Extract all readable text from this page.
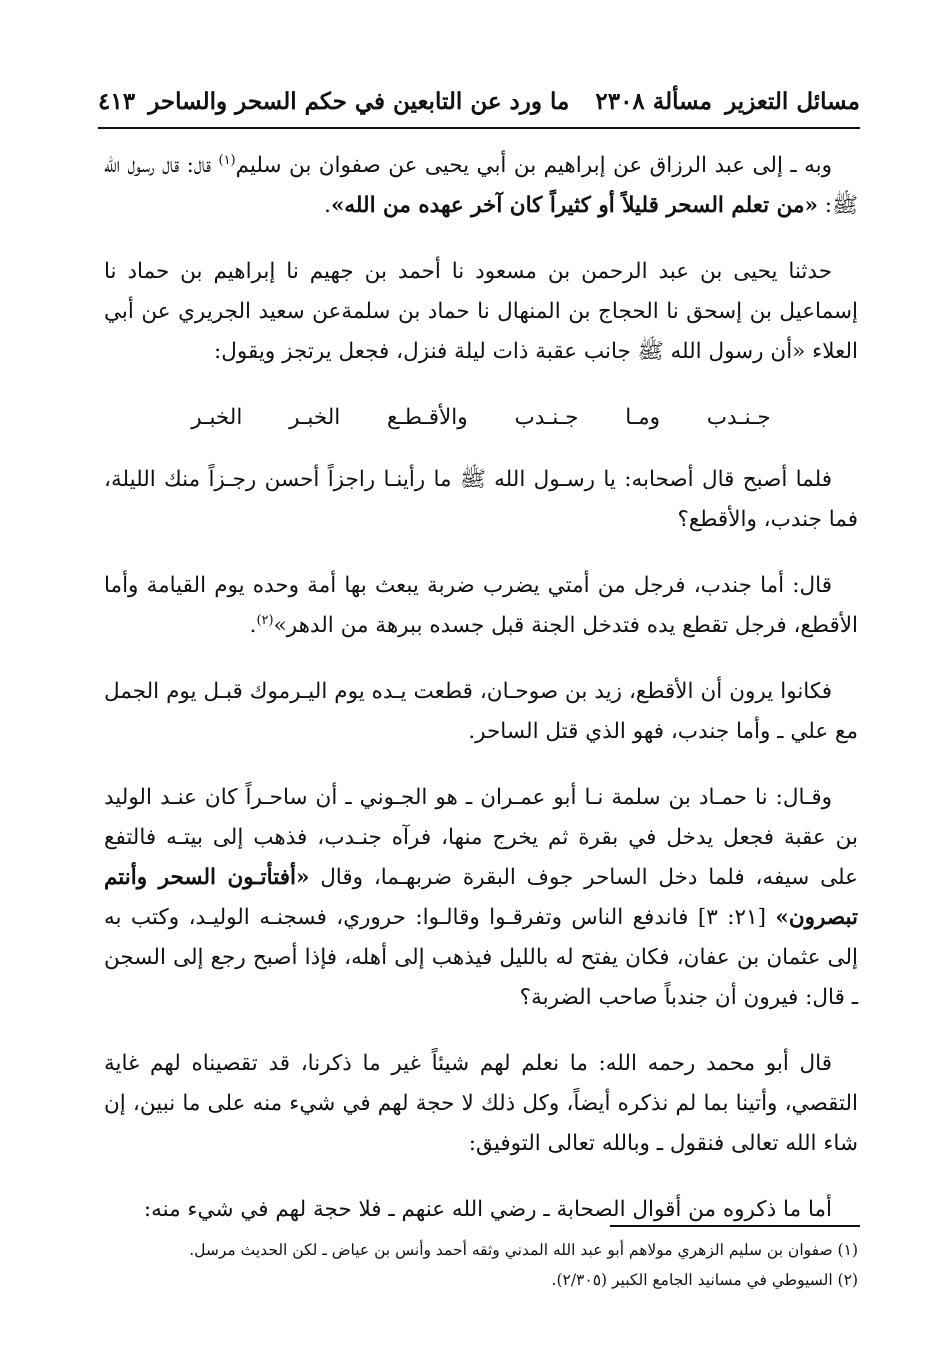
مسائل التعزير
مسألة ٢٣٠٨
ما ورد عن التابعين في حكم السحر والساحر
٤١٣

وبه ـ إلى عبد الرزاق عن إبراهيم بن أبي يحيى عن صفوان بن سليم$^{(١)}$ قال: قال رسول الله ﷺ: «من تعلم السحر قليلاً أو كثيراً كان آخر عهده من الله».

حدثنا يحيى بن عبد الرحمن بن مسعود نا أحمد بن جهيم نا إبراهيم بن حماد نا إسماعيل بن إسحق نا الحجاج بن المنهال نا حماد بن سلمةعن سعيد الجريري عن أبي العلاء «أن رسول الله ﷺ جانب عقبة ذات ليلة فنزل، فجعل يرتجز ويقول:

جـنـدب ومـا جـنـدب والأقـطـع الخبـر الخبـر

فلما أصبح قال أصحابه: يا رسـول الله ﷺ ما رأينـا راجزاً أحسن رجـزاً منك الليلة، فما جندب، والأقطع؟

قال: أما جندب، فرجل من أمتي يضرب ضربة يبعث بها أمة وحده يوم القيامة وأما الأقطع، فرجل تقطع يده فتدخل الجنة قبل جسده ببرهة من الدهر»$^{(٢)}$.

فكانوا يرون أن الأقطع، زيد بن صوحـان، قطعت يـده يوم اليـرموك قبـل يوم الجمل مع علي ـ وأما جندب، فهو الذي قتل الساحر.

وقـال: نا حمـاد بن سلمة نـا أبو عمـران ـ هو الجـوني ـ أن ساحـراً كان عنـد الوليد بن عقبة فجعل يدخل في بقرة ثم يخرج منها، فرآه جنـدب، فذهب إلى بيتـه فالتفع على سيفه، فلما دخل الساحر جوف البقرة ضربهـما، وقال «أفتأتـون السحر وأنتم تبصرون» [٢١: ٣] فاندفع الناس وتفرقـوا وقالـوا: حروري، فسجنـه الوليـد، وكتب به إلى عثمان بن عفان، فكان يفتح له بالليل فيذهب إلى أهله، فإذا أصبح رجع إلى السجن ـ قال: فيرون أن جندباً صاحب الضربة؟

قال أبو محمد رحمه الله: ما نعلم لهم شيئاً غير ما ذكرنا، قد تقصيناه لهم غاية التقصي، وأتينا بما لم نذكره أيضاً، وكل ذلك لا حجة لهم في شيء منه على ما نبين، إن شاء الله تعالى فنقول ـ وبالله تعالى التوفيق:

أما ما ذكروه من أقوال الصحابة ـ رضي الله عنهم ـ فلا حجة لهم في شيء منه:

(١) صفوان بن سليم الزهري مولاهم أبو عبد الله المدني وثقه أحمد وأنس بن عياض ـ لكن الحديث مرسل.
(٢) السيوطي في مسانيد الجامع الكبير (٢/٣٠٥).
